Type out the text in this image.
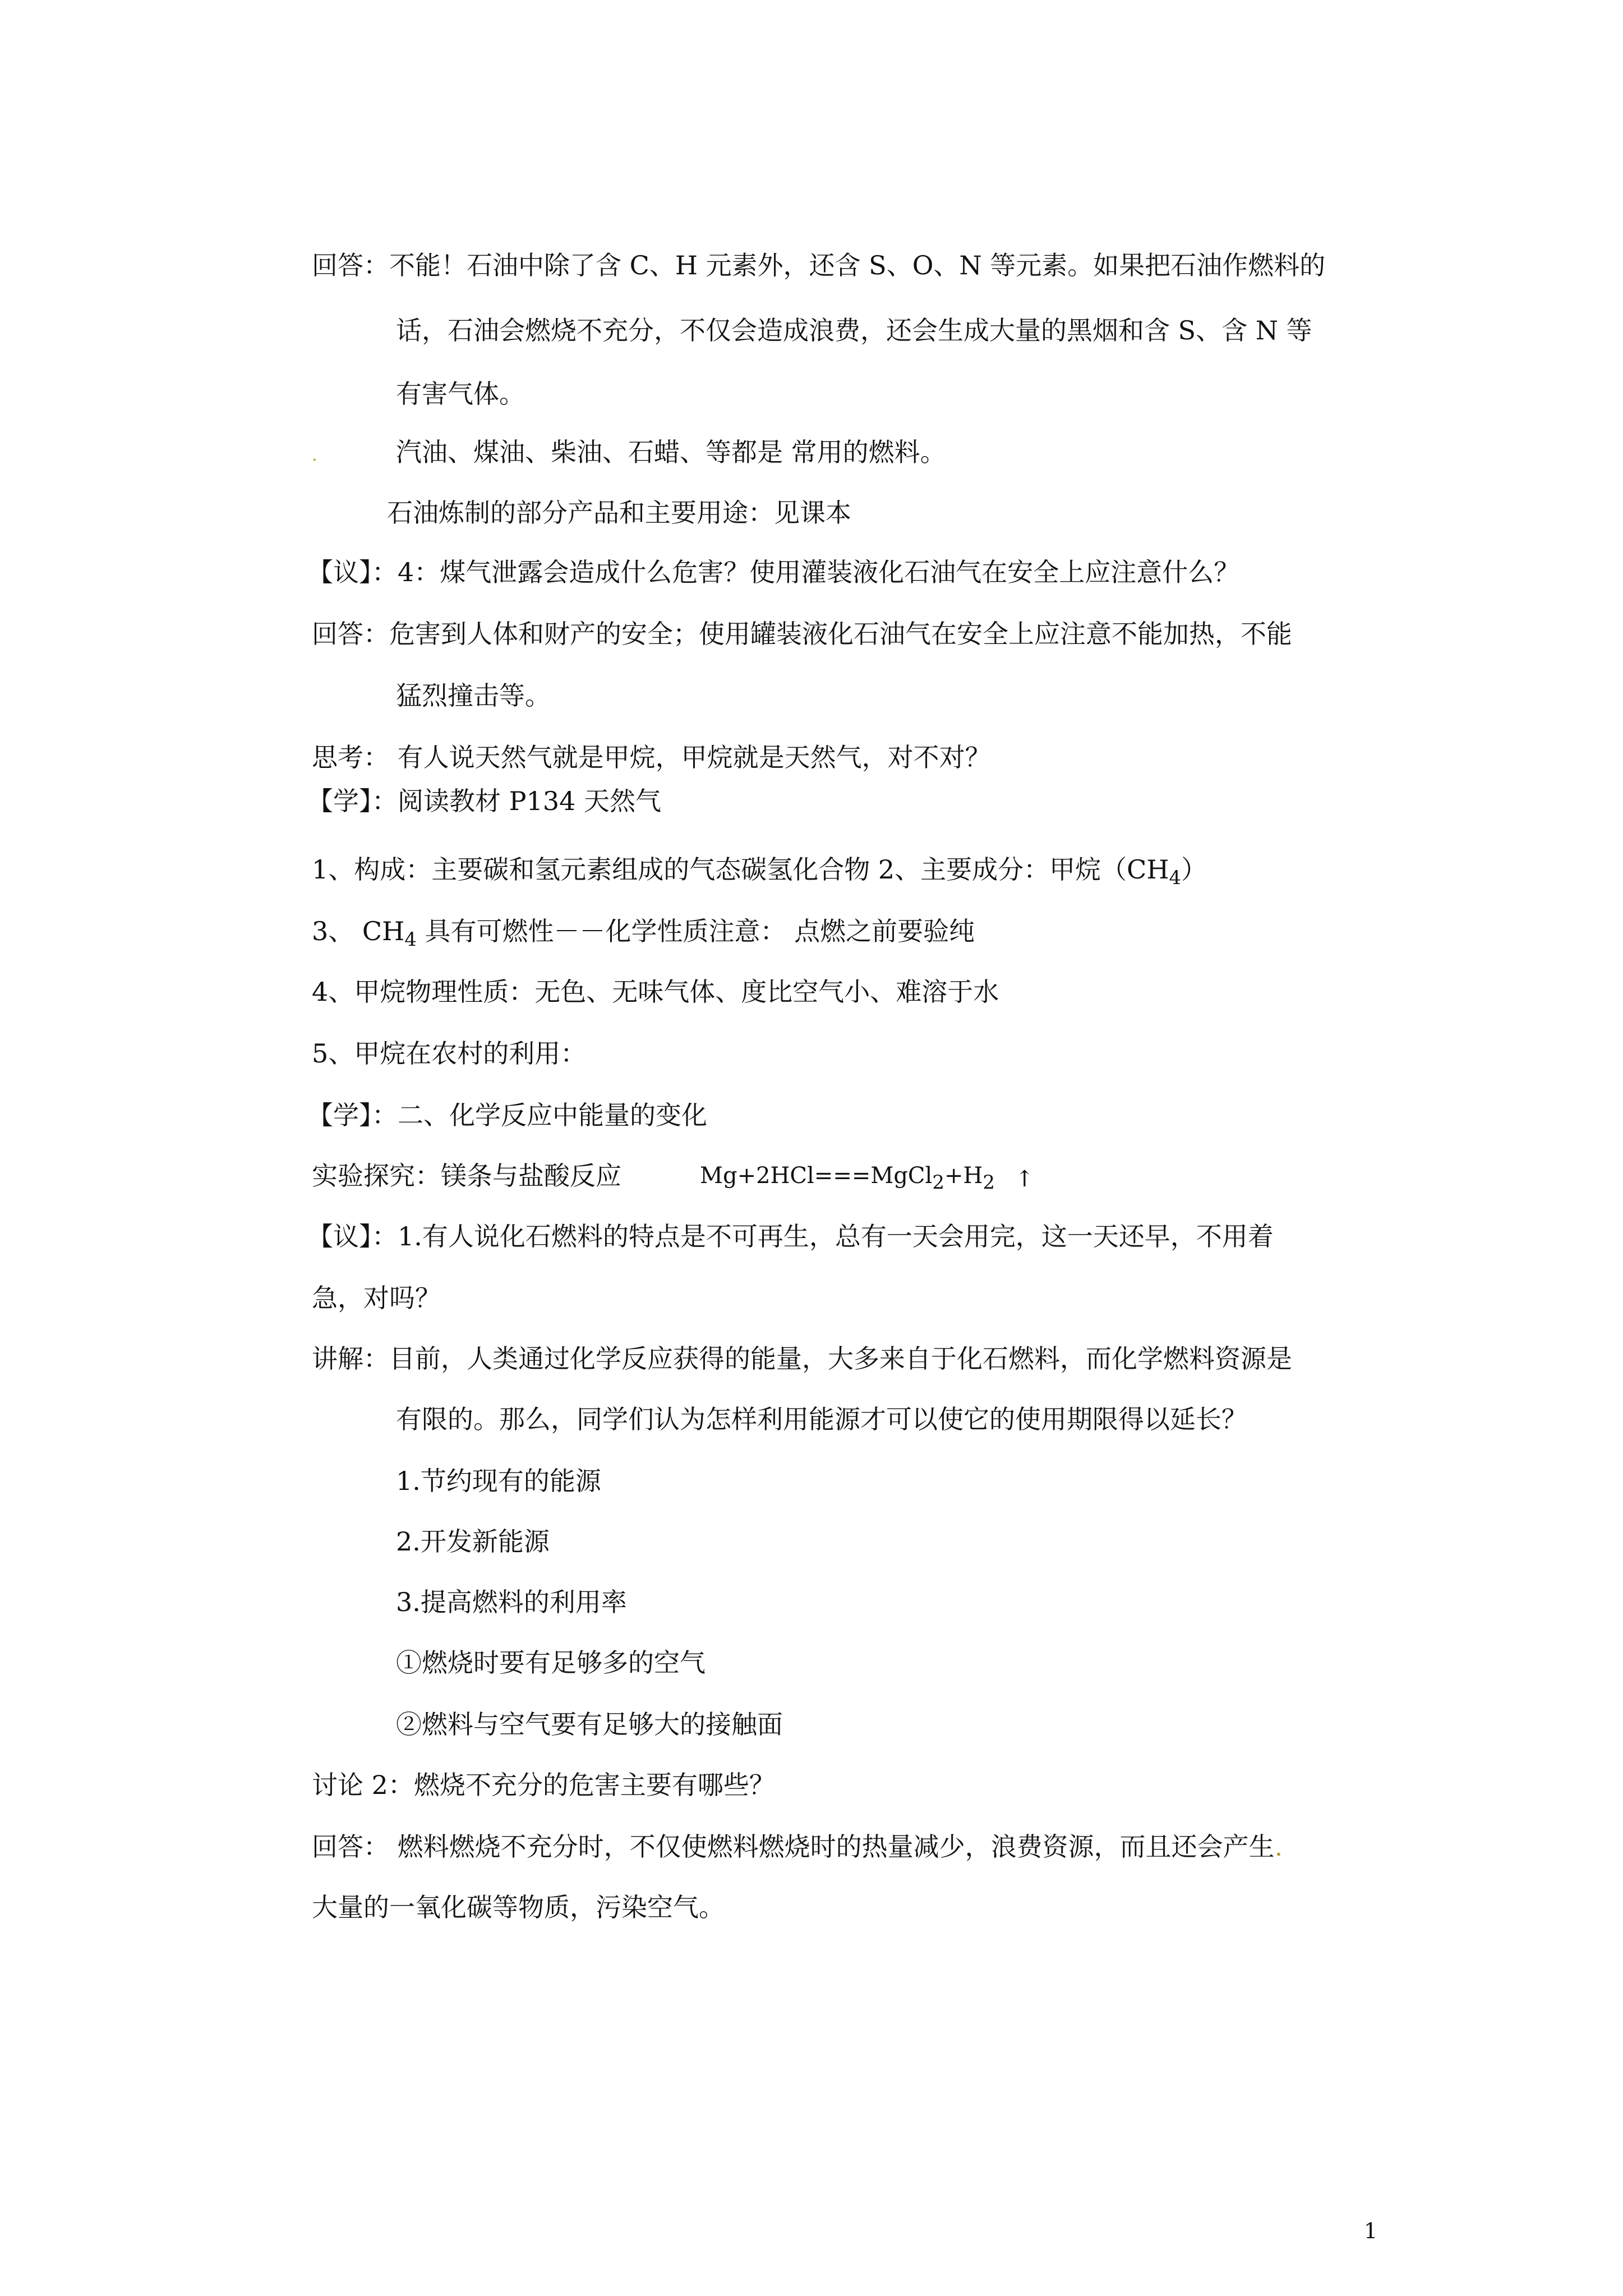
回答：不能！石油中除了含 C、H 元素外，还含 S、O、N 等元素。如果把石油作燃料的
话，石油会燃烧不充分，不仅会造成浪费，还会生成大量的黑烟和含 S、含 N 等
有害气体。
.	汽油、煤油、柴油、石蜡、等都是 常用的燃料。
石油炼制的部分产品和主要用途：见课本
【议】：4：煤气泄露会造成什么危害？使用灌装液化石油气在安全上应注意什么？
回答：危害到人体和财产的安全；使用罐装液化石油气在安全上应注意不能加热，不能
猛烈撞击等。
思考： 有人说天然气就是甲烷，甲烷就是天然气，对不对？
【学】：阅读教材 P134 天然气
1、构成：主要碳和氢元素组成的气态碳氢化合物 2、主要成分：甲烷$(CH_4)$
3、 $CH_4$ 具有可燃性－－化学性质注意： 点燃之前要验纯
4、甲烷物理性质：无色、无味气体、度比空气小、难溶于水
5、甲烷在农村的利用：
【学】：二、化学反应中能量的变化
实验探究：镁条与盐酸反应	$Mg+2HCl===MgCl_2+H_2$ ↑
【议】：1.有人说化石燃料的特点是不可再生，总有一天会用完，这一天还早，不用着
急，对吗？
讲解：目前，人类通过化学反应获得的能量，大多来自于化石燃料，而化学燃料资源是
有限的。那么，同学们认为怎样利用能源才可以使它的使用期限得以延长？
1.节约现有的能源
2.开发新能源
3.提高燃料的利用率
①燃烧时要有足够多的空气
②燃料与空气要有足够大的接触面
讨论 2：燃烧不充分的危害主要有哪些？
回答： 燃料燃烧不充分时，不仅使燃料燃烧时的热量减少，浪费资源，而且还会产生.
大量的一氧化碳等物质，污染空气。
1
